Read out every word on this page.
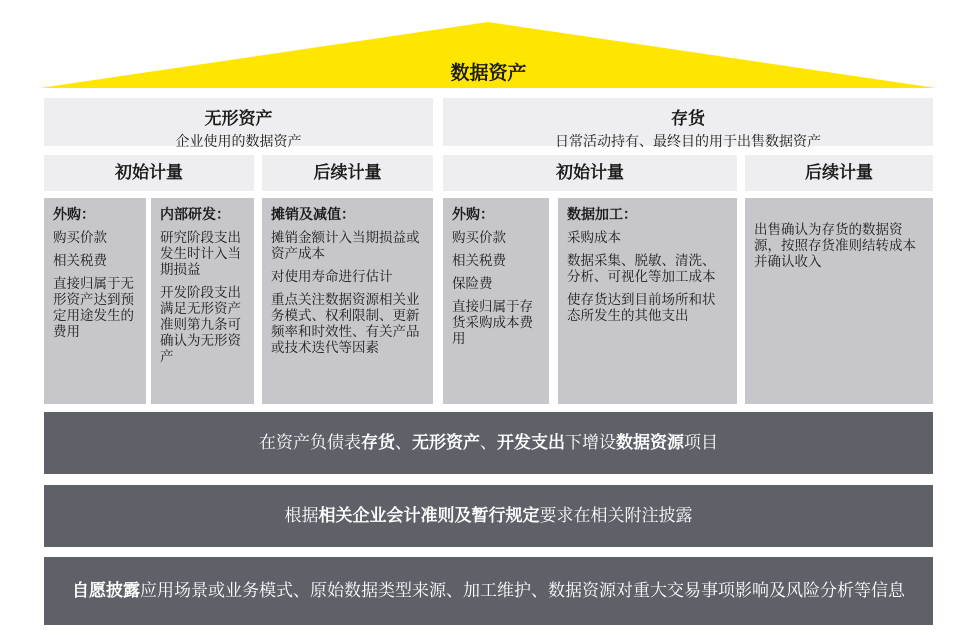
数据资产
无形资产
企业使用的数据资产
存货
日常活动持有、最终目的用于出售数据资产
初始计量	后续计量	初始计量	后续计量
外购：

购买价款

相关税费

直接归属于无形资产达到预定用途发生的费用

内部研发：

研究阶段支出发生时计入当期损益

开发阶段支出满足无形资产准则第九条可确认为无形资产

摊销及减值：

摊销金额计入当期损益或资产成本

对使用寿命进行估计

重点关注数据资源相关业务模式、权利限制、更新频率和时效性、有关产品或技术迭代等因素

外购：

购买价款

相关税费

保险费

直接归属于存货采购成本费用

数据加工：

采购成本

数据采集、脱敏、清洗、分析、可视化等加工成本

使存货达到目前场所和状态所发生的其他支出

出售确认为存货的数据资源，按照存货准则结转成本并确认收入

在资产负债表存货、无形资产、开发支出下增设数据资源项目
根据相关企业会计准则及暂行规定要求在相关附注披露
自愿披露应用场景或业务模式、原始数据类型来源、加工维护、数据资源对重大交易事项影响及风险分析等信息
